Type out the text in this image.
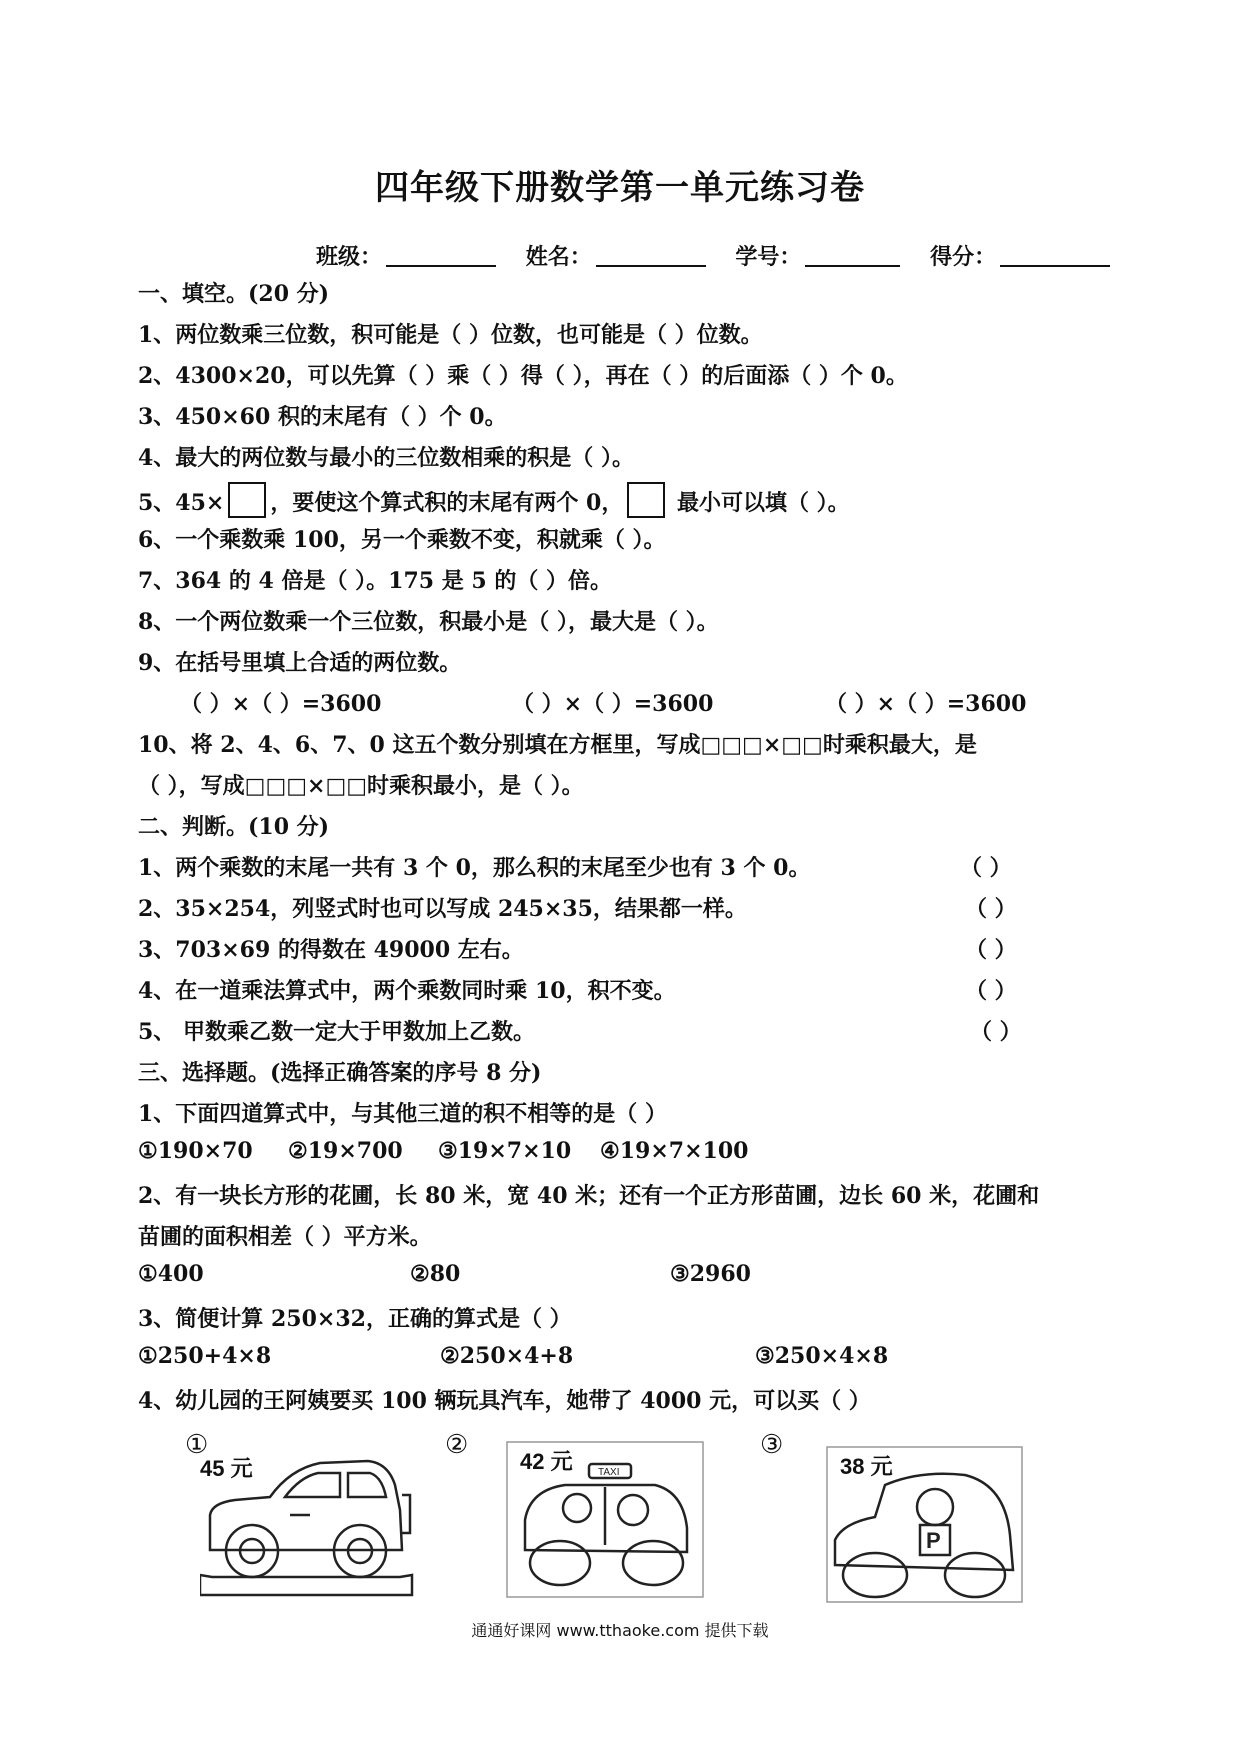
四年级下册数学第一单元练习卷
班级：	姓名：	学号：	得分：
一、填空。(20 分)
1、两位数乘三位数，积可能是（ ）位数，也可能是（ ）位数。
2、4300×20，可以先算（ ）乘（ ）得（ ），再在（ ）的后面添（ ）个 0。
3、450×60 积的末尾有（ ）个 0。
4、最大的两位数与最小的三位数相乘的积是（ ）。
5、45× ，要使这个算式积的末尾有两个 0， 最小可以填（ ）。
6、一个乘数乘 100，另一个乘数不变，积就乘（ ）。
7、364 的 4 倍是（ ）。175 是 5 的（ ）倍。
8、一个两位数乘一个三位数，积最小是（ ），最大是（ ）。
9、在括号里填上合适的两位数。
（ ）×（ ）=3600	（ ）×（ ）=3600	（ ）×（ ）=3600
10、将 2、4、6、7、0 这五个数分别填在方框里，写成□□□×□□时乘积最大，是
（ ），写成□□□×□□时乘积最小，是（ ）。
二、判断。(10 分)
1、两个乘数的末尾一共有 3 个 0，那么积的末尾至少也有 3 个 0。	（ ）
2、35×254，列竖式时也可以写成 245×35，结果都一样。	（ ）
3、703×69 的得数在 49000 左右。	（ ）
4、在一道乘法算式中，两个乘数同时乘 10，积不变。	（ ）
5、 甲数乘乙数一定大于甲数加上乙数。	（ ）
三、选择题。(选择正确答案的序号 8 分)
1、下面四道算式中，与其他三道的积不相等的是（ ）
①190×70 ②19×700 ③19×7×10 ④19×7×100
2、有一块长方形的花圃，长 80 米，宽 40 米；还有一个正方形苗圃，边长 60 米，花圃和
苗圃的面积相差（ ）平方米。
①400	②80	③2960
3、简便计算 250×32，正确的算式是（ ）
①250+4×8	②250×4+8	③250×4×8
4、幼儿园的王阿姨要买 100 辆玩具汽车，她带了 4000 元，可以买（ ）
①
45 元
②
TAXI
42 元
③
P
38 元
通通好课网 www.tthaoke.com 提供下载
